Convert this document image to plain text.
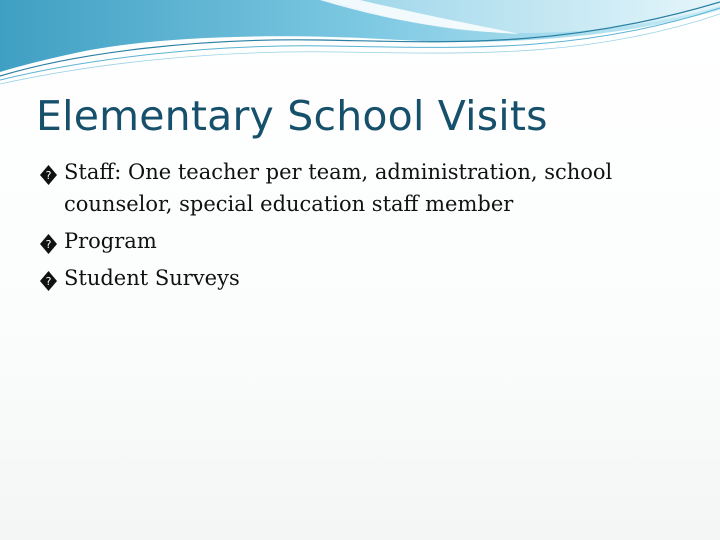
Elementary School Visits
? Staff: One teacher per team, administration, school counselor, special education staff member
? Program
? Student Surveys
